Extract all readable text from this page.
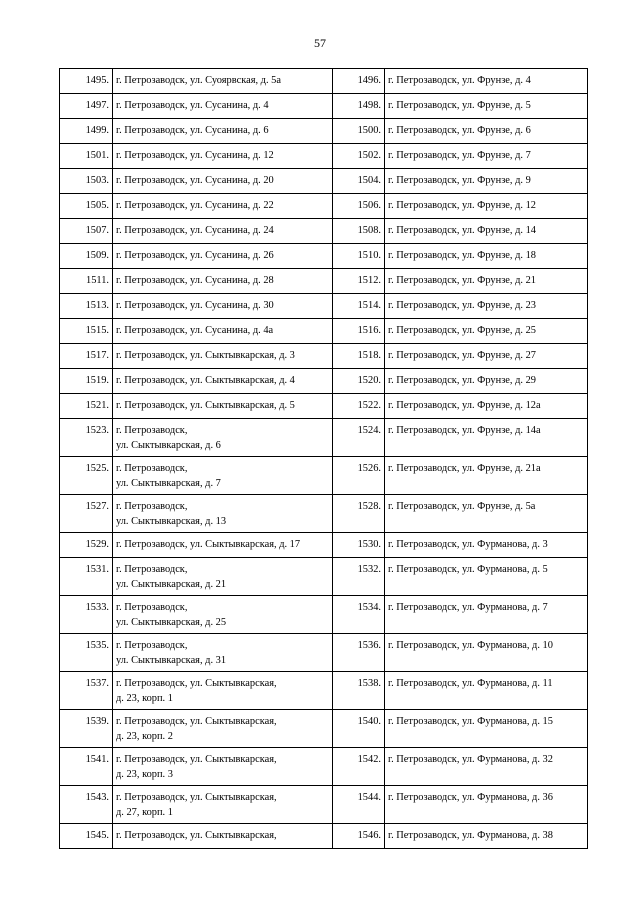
57
1495.	г. Петрозаводск, ул. Суоярвская, д. 5а	1496.	г. Петрозаводск, ул. Фрунзе, д. 4
1497.	г. Петрозаводск, ул. Сусанина, д. 4	1498.	г. Петрозаводск, ул. Фрунзе, д. 5
1499.	г. Петрозаводск, ул. Сусанина, д. 6	1500.	г. Петрозаводск, ул. Фрунзе, д. 6
1501.	г. Петрозаводск, ул. Сусанина, д. 12	1502.	г. Петрозаводск, ул. Фрунзе, д. 7
1503.	г. Петрозаводск, ул. Сусанина, д. 20	1504.	г. Петрозаводск, ул. Фрунзе, д. 9
1505.	г. Петрозаводск, ул. Сусанина, д. 22	1506.	г. Петрозаводск, ул. Фрунзе, д. 12
1507.	г. Петрозаводск, ул. Сусанина, д. 24	1508.	г. Петрозаводск, ул. Фрунзе, д. 14
1509.	г. Петрозаводск, ул. Сусанина, д. 26	1510.	г. Петрозаводск, ул. Фрунзе, д. 18
1511.	г. Петрозаводск, ул. Сусанина, д. 28	1512.	г. Петрозаводск, ул. Фрунзе, д. 21
1513.	г. Петрозаводск, ул. Сусанина, д. 30	1514.	г. Петрозаводск, ул. Фрунзе, д. 23
1515.	г. Петрозаводск, ул. Сусанина, д. 4а	1516.	г. Петрозаводск, ул. Фрунзе, д. 25
1517.	г. Петрозаводск, ул. Сыктывкарская, д. 3	1518.	г. Петрозаводск, ул. Фрунзе, д. 27
1519.	г. Петрозаводск, ул. Сыктывкарская, д. 4	1520.	г. Петрозаводск, ул. Фрунзе, д. 29
1521.	г. Петрозаводск, ул. Сыктывкарская, д. 5	1522.	г. Петрозаводск, ул. Фрунзе, д. 12а
1523.	г. Петрозаводск,
ул. Сыктывкарская, д. 6	1524.	г. Петрозаводск, ул. Фрунзе, д. 14а
1525.	г. Петрозаводск,
ул. Сыктывкарская, д. 7	1526.	г. Петрозаводск, ул. Фрунзе, д. 21а
1527.	г. Петрозаводск,
ул. Сыктывкарская, д. 13	1528.	г. Петрозаводск, ул. Фрунзе, д. 5а
1529.	г. Петрозаводск, ул. Сыктывкарская, д. 17	1530.	г. Петрозаводск, ул. Фурманова, д. 3
1531.	г. Петрозаводск,
ул. Сыктывкарская, д. 21	1532.	г. Петрозаводск, ул. Фурманова, д. 5
1533.	г. Петрозаводск,
ул. Сыктывкарская, д. 25	1534.	г. Петрозаводск, ул. Фурманова, д. 7
1535.	г. Петрозаводск,
ул. Сыктывкарская, д. 31	1536.	г. Петрозаводск, ул. Фурманова, д. 10
1537.	г. Петрозаводск, ул. Сыктывкарская,
д. 23, корп. 1	1538.	г. Петрозаводск, ул. Фурманова, д. 11
1539.	г. Петрозаводск, ул. Сыктывкарская,
д. 23, корп. 2	1540.	г. Петрозаводск, ул. Фурманова, д. 15
1541.	г. Петрозаводск, ул. Сыктывкарская,
д. 23, корп. 3	1542.	г. Петрозаводск, ул. Фурманова, д. 32
1543.	г. Петрозаводск, ул. Сыктывкарская,
д. 27, корп. 1	1544.	г. Петрозаводск, ул. Фурманова, д. 36
1545.	г. Петрозаводск, ул. Сыктывкарская,	1546.	г. Петрозаводск, ул. Фурманова, д. 38
